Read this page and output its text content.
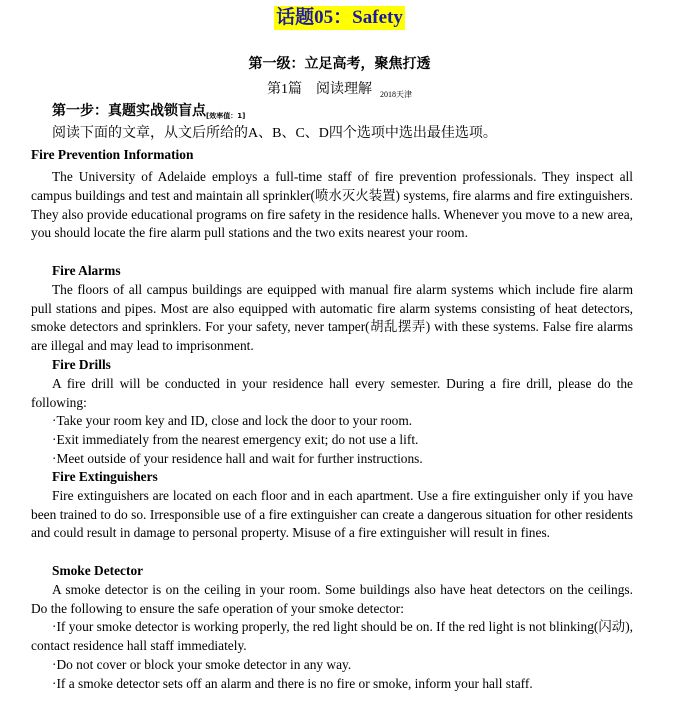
话题05：Safety
第一级：立足高考，聚焦打透
第1篇　阅读理解 $_{2018天津}$
第一步：真题实战锁盲点$_{[效率值:1]}$
阅读下面的文章，从文后所给的A、B、C、D四个选项中选出最佳选项。
Fire Prevention Information

The University of Adelaide employs a full-time staff of fire prevention professionals. They inspect all campus buildings and test and maintain all sprinkler(喷水灭火装置) systems, fire alarms and fire extinguishers. They also provide educational programs on fire safety in the residence halls. Whenever you move to a new area, you should locate the fire alarm pull stations and the two exits nearest your room.

Fire Alarms

The floors of all campus buildings are equipped with manual fire alarm systems which include fire alarm pull stations and pipes. Most are also equipped with automatic fire alarm systems consisting of heat detectors, smoke detectors and sprinklers. For your safety, never tamper(胡乱摆弄) with these systems. False fire alarms are illegal and may lead to imprisonment.

Fire Drills

A fire drill will be conducted in your residence hall every semester. During a fire drill, please do the following:

·Take your room key and ID, close and lock the door to your room.

·Exit immediately from the nearest emergency exit; do not use a lift.

·Meet outside of your residence hall and wait for further instructions.

Fire Extinguishers

Fire extinguishers are located on each floor and in each apartment. Use a fire extinguisher only if you have been trained to do so. Irresponsible use of a fire extinguisher can create a dangerous situation for other residents and could result in damage to personal property. Misuse of a fire extinguisher will result in fines.

Smoke Detector

A smoke detector is on the ceiling in your room. Some buildings also have heat detectors on the ceilings. Do the following to ensure the safe operation of your smoke detector:

·If your smoke detector is working properly, the red light should be on. If the red light is not blinking(闪动), contact residence hall staff immediately.

·Do not cover or block your smoke detector in any way.

·If a smoke detector sets off an alarm and there is no fire or smoke, inform your hall staff.
